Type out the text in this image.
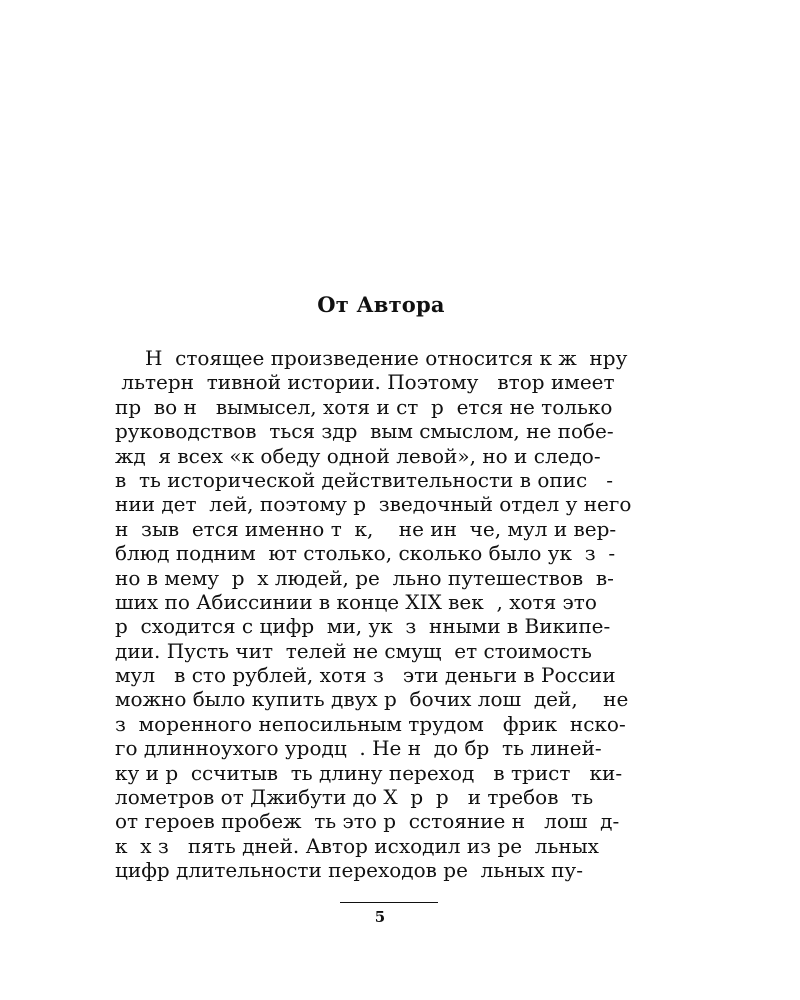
От Автора
Н  стоящее произведение относится к ж  нру
льтерн  тивной истории. Поэтому   втор имеет
пр  во н   вымысел, хотя и ст  р  ется не только
руководствов  ться здр  вым смыслом, не побе-
жд  я всех «к обеду одной левой», но и следо-
в  ть исторической действительности в опис   -
нии дет  лей, поэтому р  зведочный отдел у него
н  зыв  ется именно т  к,    не ин  че, мул и вер-
блюд подним  ют столько, сколько было ук  з  -
но в мему  р  х людей, ре  льно путешествов  в-
ших по Абиссинии в конце XIX век  , хотя это
р  сходится с цифр  ми, ук  з  нными в Википе-
дии. Пусть чит  телей не смущ  ет стоимость
мул   в сто рублей, хотя з   эти деньги в России
можно было купить двух р  бочих лош  дей,    не
з  моренного непосильным трудом   фрик  нско-
го длинноухого уродц  . Не н  до бр  ть линей-
ку и р  ссчитыв  ть длину переход   в трист   ки-
лометров от Джибути до Х  р  р   и требов  ть
от героев пробеж  ть это р  сстояние н   лош  д-
к  х з   пять дней. Автор исходил из ре  льных
цифр длительности переходов ре  льных пу-
5
